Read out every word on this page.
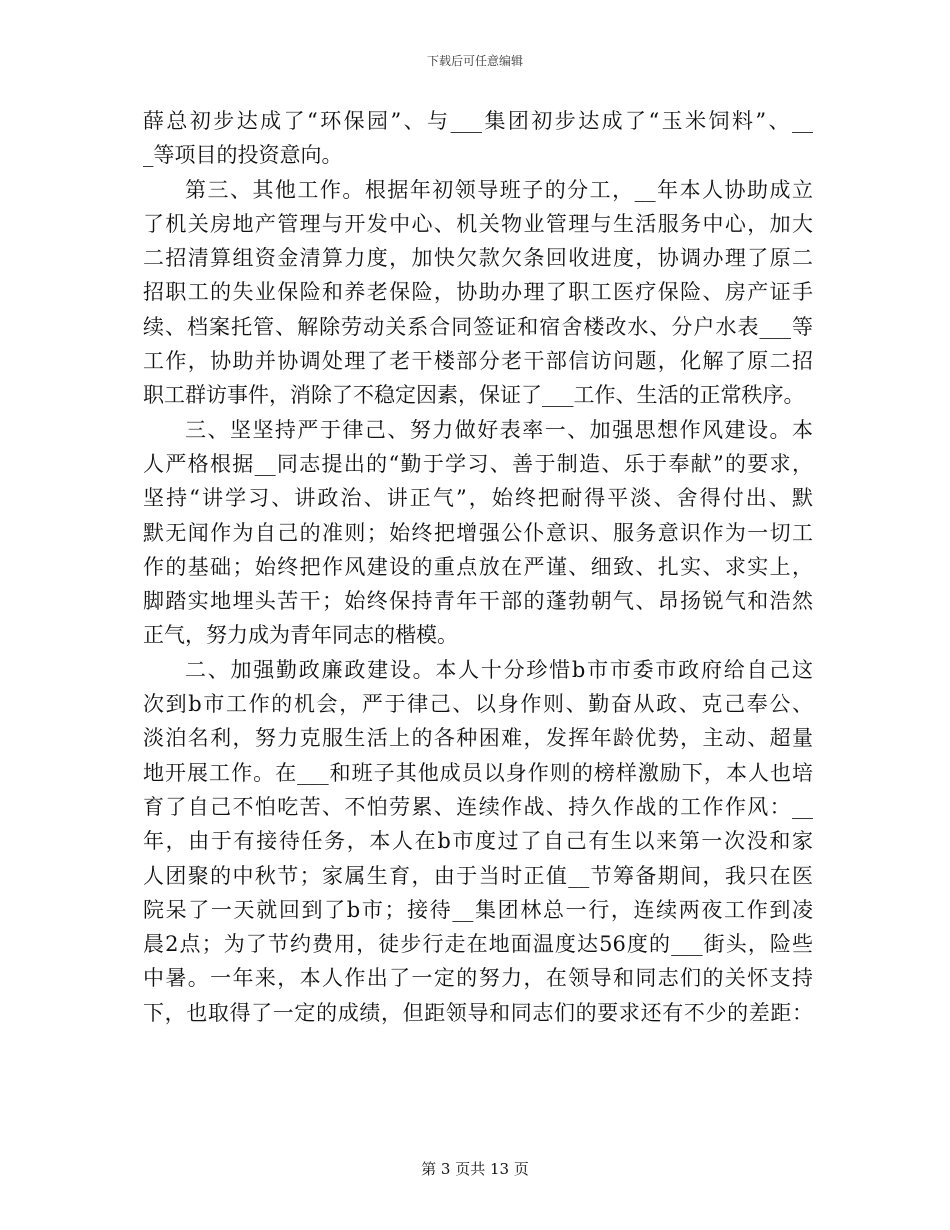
下载后可任意编辑

薛总初步达成了“环保园”、与___集团初步达成了“玉米饲料”、__
_等项目的投资意向。

第三、其他工作。根据年初领导班子的分工，__年本人协助成立
了机关房地产管理与开发中心、机关物业管理与生活服务中心，加大
二招清算组资金清算力度，加快欠款欠条回收进度，协调办理了原二
招职工的失业保险和养老保险，协助办理了职工医疗保险、房产证手
续、档案托管、解除劳动关系合同签证和宿舍楼改水、分户水表___等
工作，协助并协调处理了老干楼部分老干部信访问题，化解了原二招
职工群访事件，消除了不稳定因素，保证了___工作、生活的正常秩序。

三、坚坚持严于律己、努力做好表率一、加强思想作风建设。本
人严格根据__同志提出的“勤于学习、善于制造、乐于奉献”的要求，
坚持“讲学习、讲政治、讲正气”，始终把耐得平淡、舍得付出、默
默无闻作为自己的准则；始终把增强公仆意识、服务意识作为一切工
作的基础；始终把作风建设的重点放在严谨、细致、扎实、求实上，
脚踏实地埋头苦干；始终保持青年干部的蓬勃朝气、昂扬锐气和浩然
正气，努力成为青年同志的楷模。

二、加强勤政廉政建设。本人十分珍惜b市市委市政府给自己这
次到b市工作的机会，严于律己、以身作则、勤奋从政、克己奉公、
淡泊名利，努力克服生活上的各种困难，发挥年龄优势，主动、超量
地开展工作。在___和班子其他成员以身作则的榜样激励下，本人也培
育了自己不怕吃苦、不怕劳累、连续作战、持久作战的工作作风：__
年，由于有接待任务，本人在b市度过了自己有生以来第一次没和家
人团聚的中秋节；家属生育，由于当时正值__节筹备期间，我只在医
院呆了一天就回到了b市；接待__集团林总一行，连续两夜工作到凌
晨2点；为了节约费用，徒步行走在地面温度达56度的___街头，险些
中暑。一年来，本人作出了一定的努力，在领导和同志们的关怀支持
下，也取得了一定的成绩，但距领导和同志们的要求还有不少的差距：

第 3 页共 13 页
